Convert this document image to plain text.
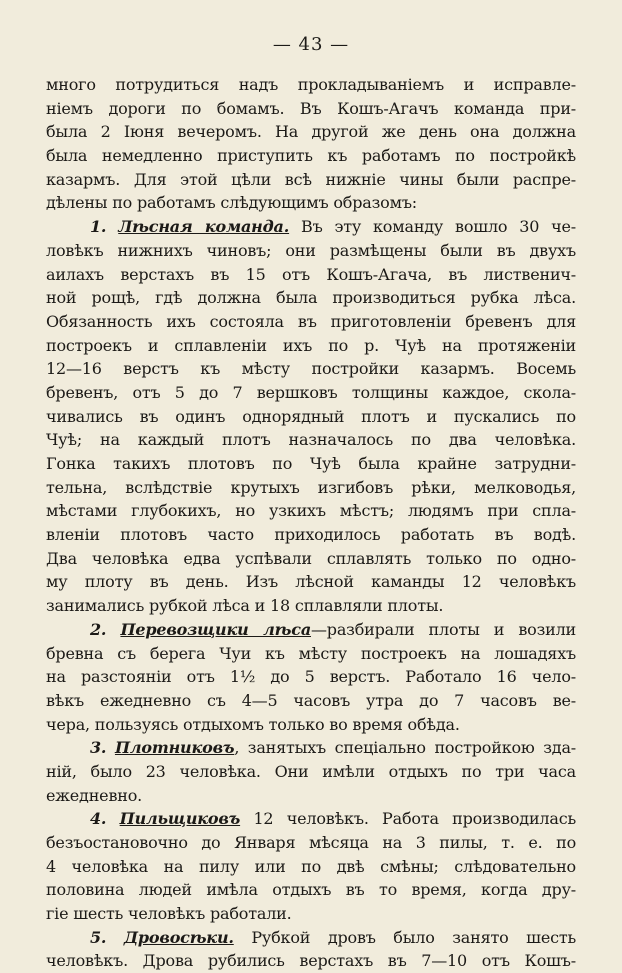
— 43 —
много потрудиться надъ прокладываніемъ и исправле-
ніемъ дороги по бомамъ. Въ Кошъ-Агачъ команда при-
была 2 Іюня вечеромъ. На другой же день она должна
была немедленно приступить къ работамъ по постройкѣ
казармъ. Для этой цѣли всѣ нижніе чины были распре-
дѣлены по работамъ слѣдующимъ образомъ:
1. Лѣсная команда. Въ эту команду вошло 30 че-
ловѣкъ нижнихъ чиновъ; они размѣщены были въ двухъ
аилахъ верстахъ въ 15 отъ Кошъ-Агача, въ лиственич-
ной рощѣ, гдѣ должна была производиться рубка лѣса.
Обязанность ихъ состояла въ приготовленіи бревенъ для
построекъ и сплавленіи ихъ по р. Чуѣ на протяженіи
12—16 верстъ къ мѣсту постройки казармъ. Восемь
бревенъ, отъ 5 до 7 вершковъ толщины каждое, скола-
чивались въ одинъ однорядный плотъ и пускались по
Чуѣ; на каждый плотъ назначалось по два человѣка.
Гонка такихъ плотовъ по Чуѣ была крайне затрудни-
тельна, вслѣдствіе крутыхъ изгибовъ рѣки, мелководья,
мѣстами глубокихъ, но узкихъ мѣстъ; людямъ при спла-
вленіи плотовъ часто приходилось работать въ водѣ.
Два человѣка едва успѣвали сплавлять только по одно-
му плоту въ день. Изъ лѣсной каманды 12 человѣкъ
занимались рубкой лѣса и 18 сплавляли плоты.
2. Перевозщики лѣса—разбирали плоты и возили
бревна съ берега Чуи къ мѣсту построекъ на лошадяхъ
на разстояніи отъ 1½ до 5 верстъ. Работало 16 чело-
вѣкъ ежедневно съ 4—5 часовъ утра до 7 часовъ ве-
чера, пользуясь отдыхомъ только во время обѣда.
3. Плотниковъ, занятыхъ спеціально постройкою зда-
ній, было 23 человѣка. Они имѣли отдыхъ по три часа
ежедневно.
4. Пильщиковъ 12 человѣкъ. Работа производилась
безъостановочно до Января мѣсяца на 3 пилы, т. е. по
4 человѣка на пилу или по двѣ смѣны; слѣдовательно
половина людей имѣла отдыхъ въ то время, когда дру-
гіе шесть человѣкъ работали.
5. Дровосѣки. Рубкой дровъ было занято шесть
человѣкъ. Дрова рубились верстахъ въ 7—10 отъ Кошъ-
